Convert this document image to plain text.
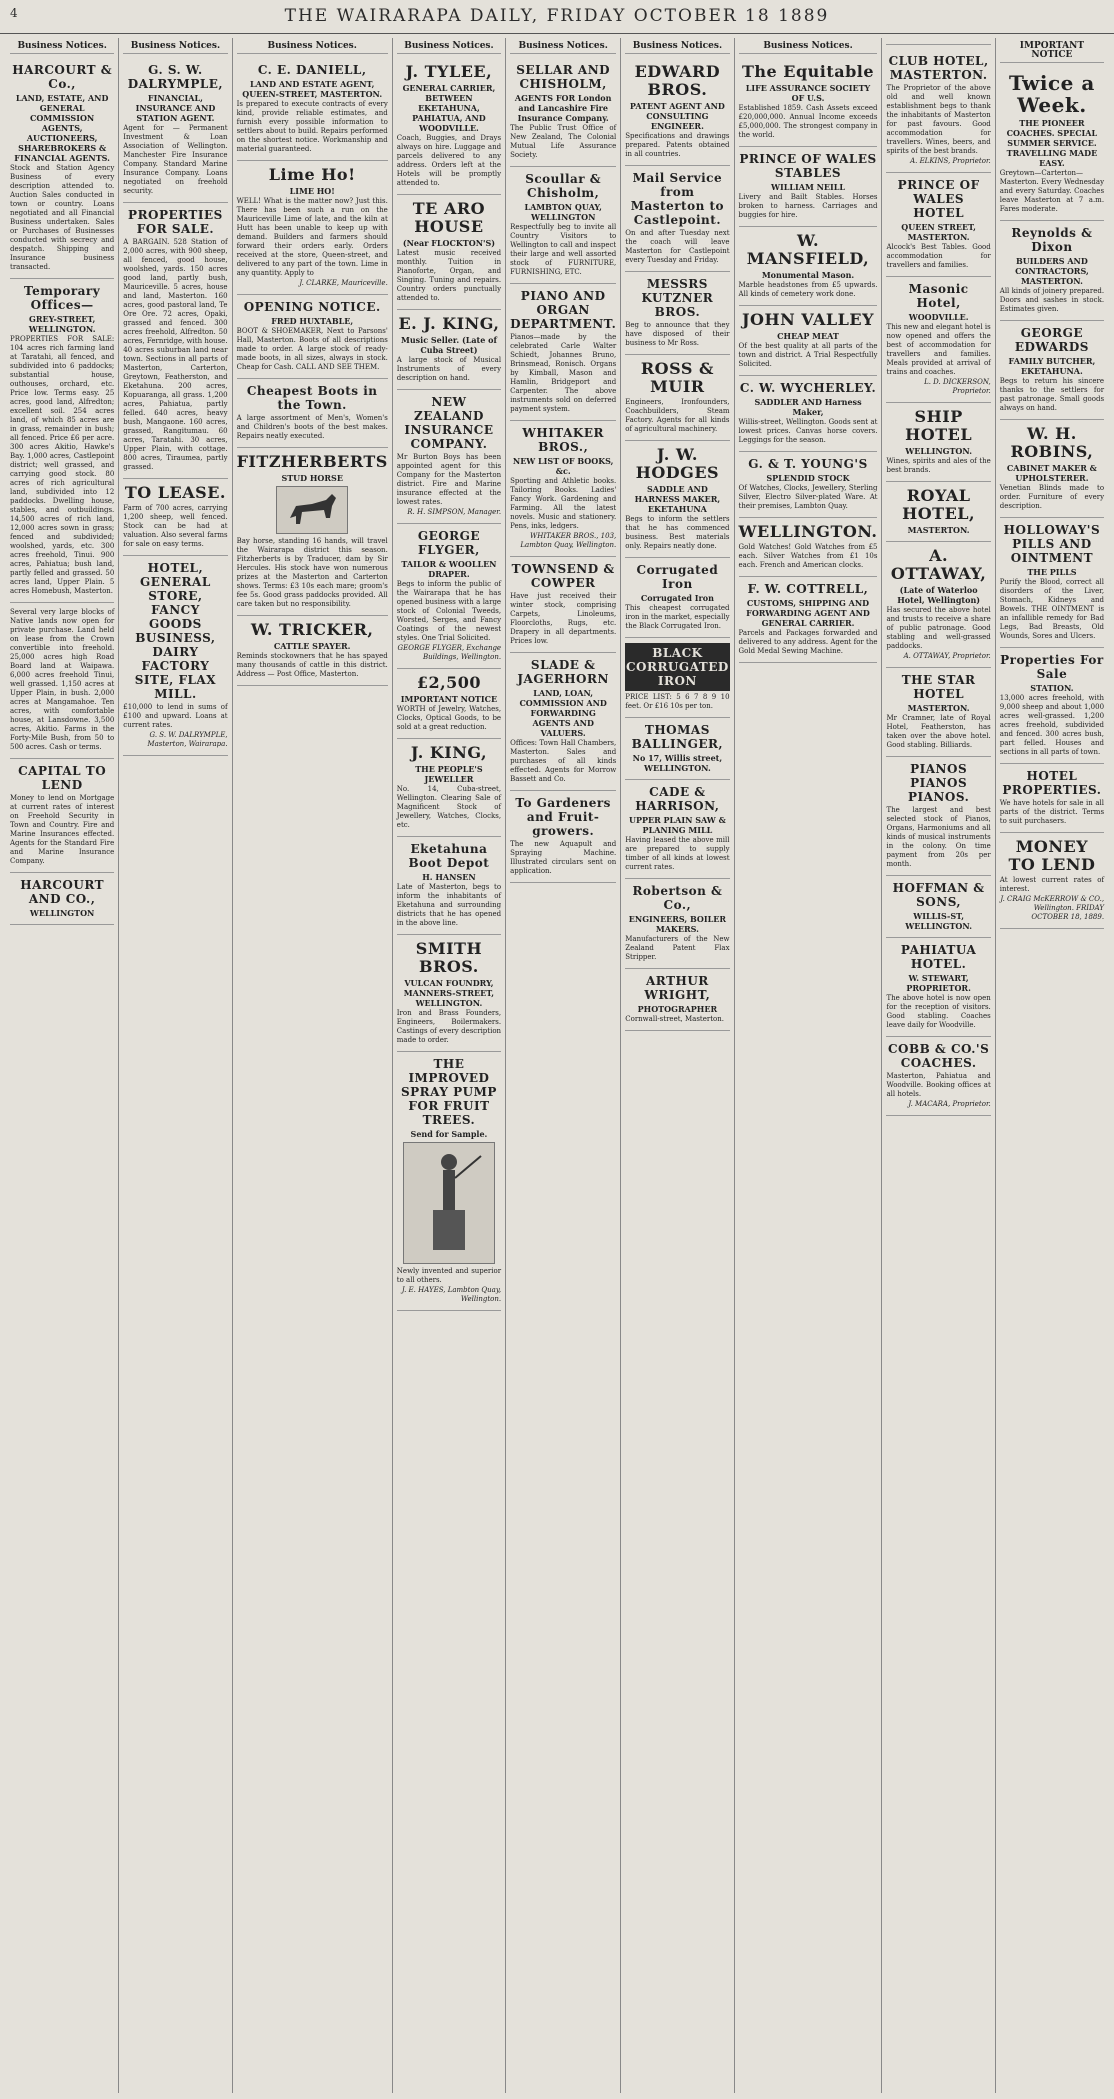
4	THE WAIRARAPA DAILY, FRIDAY OCTOBER 18 1889
Business Notices.
HARCOURT & Co.,
LAND, ESTATE, AND GENERAL COMMISSION AGENTS, AUCTIONEERS, SHAREBROKERS & FINANCIAL AGENTS.

Stock and Station Agency Business of every description attended to. Auction Sales conducted in town or country. Loans negotiated and all Financial Business undertaken. Sales or Purchases of Businesses conducted with secrecy and despatch. Shipping and Insurance business transacted.

Temporary Offices—
GREY-STREET, WELLINGTON.

PROPERTIES FOR SALE: 104 acres rich farming land at Taratahi, all fenced, and subdivided into 6 paddocks; substantial house, outhouses, orchard, etc. Price low. Terms easy. 25 acres, good land, Alfredton; excellent soil. 254 acres land, of which 85 acres are in grass, remainder in bush; all fenced. Price £6 per acre. 300 acres Akitio, Hawke's Bay. 1,000 acres, Castlepoint district; well grassed, and carrying good stock. 80 acres of rich agricultural land, subdivided into 12 paddocks. Dwelling house, stables, and outbuildings. 14,500 acres of rich land, 12,000 acres sown in grass; fenced and subdivided; woolshed, yards, etc. 300 acres freehold, Tinui. 900 acres, Pahiatua; bush land, partly felled and grassed. 50 acres land, Upper Plain. 5 acres Homebush, Masterton.

Several very large blocks of Native lands now open for private purchase. Land held on lease from the Crown convertible into freehold. 25,000 acres high Road Board land at Waipawa. 6,000 acres freehold Tinui, well grassed. 1,150 acres at Upper Plain, in bush. 2,000 acres at Mangamahoe. Ten acres, with comfortable house, at Lansdowne. 3,500 acres, Akitio. Farms in the Forty-Mile Bush, from 50 to 500 acres. Cash or terms.

CAPITAL TO LEND

Money to lend on Mortgage at current rates of interest on Freehold Security in Town and Country. Fire and Marine Insurances effected. Agents for the Standard Fire and Marine Insurance Company.

HARCOURT AND CO.,
WELLINGTON

Business Notices.
G. S. W. DALRYMPLE,
FINANCIAL, INSURANCE AND STATION AGENT.

Agent for — Permanent Investment & Loan Association of Wellington. Manchester Fire Insurance Company. Standard Marine Insurance Company. Loans negotiated on freehold security.

PROPERTIES FOR SALE.

A BARGAIN. 528 Station of 2,000 acres, with 900 sheep, all fenced, good house, woolshed, yards. 150 acres good land, partly bush, Mauriceville. 5 acres, house and land, Masterton. 160 acres, good pastoral land, Te Ore Ore. 72 acres, Opaki, grassed and fenced. 300 acres freehold, Alfredton. 50 acres, Fernridge, with house. 40 acres suburban land near town. Sections in all parts of Masterton, Carterton, Greytown, Featherston, and Eketahuna. 200 acres, Kopuaranga, all grass. 1,200 acres, Pahiatua, partly felled. 640 acres, heavy bush, Mangaone. 160 acres, grassed, Rangitumau. 60 acres, Taratahi. 30 acres, Upper Plain, with cottage. 800 acres, Tiraumea, partly grassed.

TO LEASE.

Farm of 700 acres, carrying 1,200 sheep, well fenced. Stock can be had at valuation. Also several farms for sale on easy terms.

HOTEL, GENERAL STORE, FANCY GOODS BUSINESS, DAIRY FACTORY SITE, FLAX MILL.

£10,000 to lend in sums of £100 and upward. Loans at current rates.

G. S. W. DALRYMPLE, Masterton, Wairarapa.

Business Notices.
C. E. DANIELL,
LAND AND ESTATE AGENT, QUEEN-STREET, MASTERTON.

Is prepared to execute contracts of every kind, provide reliable estimates, and furnish every possible information to settlers about to build. Repairs performed on the shortest notice. Workmanship and material guaranteed.

Lime Ho!
LIME HO!

WELL! What is the matter now? Just this. There has been such a run on the Mauriceville Lime of late, and the kiln at Hutt has been unable to keep up with demand. Builders and farmers should forward their orders early. Orders received at the store, Queen-street, and delivered to any part of the town. Lime in any quantity. Apply to

J. CLARKE, Mauriceville.

OPENING NOTICE.
FRED HUXTABLE,

BOOT & SHOEMAKER, Next to Parsons' Hall, Masterton. Boots of all descriptions made to order. A large stock of ready-made boots, in all sizes, always in stock. Cheap for Cash. CALL AND SEE THEM.

Cheapest Boots in the Town.

A large assortment of Men's, Women's and Children's boots of the best makes. Repairs neatly executed.

FITZHERBERTS
STUD HORSE

Bay horse, standing 16 hands, will travel the Wairarapa district this season. Fitzherberts is by Traducer, dam by Sir Hercules. His stock have won numerous prizes at the Masterton and Carterton shows. Terms: £3 10s each mare; groom's fee 5s. Good grass paddocks provided. All care taken but no responsibility.

W. TRICKER,
CATTLE SPAYER.

Reminds stockowners that he has spayed many thousands of cattle in this district. Address — Post Office, Masterton.

Business Notices.
J. TYLEE,
GENERAL CARRIER, BETWEEN EKETAHUNA, PAHIATUA, AND WOODVILLE.

Coach, Buggies, and Drays always on hire. Luggage and parcels delivered to any address. Orders left at the Hotels will be promptly attended to.

TE ARO HOUSE
(Near FLOCKTON'S)

Latest music received monthly. Tuition in Pianoforte, Organ, and Singing. Tuning and repairs. Country orders punctually attended to.

E. J. KING,
Music Seller. (Late of Cuba Street)

A large stock of Musical Instruments of every description on hand.

NEW ZEALAND INSURANCE COMPANY.

Mr Burton Boys has been appointed agent for this Company for the Masterton district. Fire and Marine insurance effected at the lowest rates.

R. H. SIMPSON, Manager.

GEORGE FLYGER,
TAILOR & WOOLLEN DRAPER.

Begs to inform the public of the Wairarapa that he has opened business with a large stock of Colonial Tweeds, Worsted, Serges, and Fancy Coatings of the newest styles. One Trial Solicited.

GEORGE FLYGER, Exchange Buildings, Wellington.

£2,500
IMPORTANT NOTICE

WORTH of Jewelry, Watches, Clocks, Optical Goods, to be sold at a great reduction.

J. KING,
THE PEOPLE'S JEWELLER

No. 14, Cuba-street, Wellington. Clearing Sale of Magnificent Stock of Jewellery, Watches, Clocks, etc.

Eketahuna Boot Depot
H. HANSEN

Late of Masterton, begs to inform the inhabitants of Eketahuna and surrounding districts that he has opened in the above line.

SMITH BROS.
VULCAN FOUNDRY, MANNERS-STREET, WELLINGTON.

Iron and Brass Founders, Engineers, Boilermakers. Castings of every description made to order.

THE IMPROVED SPRAY PUMP FOR FRUIT TREES.
Send for Sample.

Newly invented and superior to all others.

J. E. HAYES, Lambton Quay, Wellington.

Business Notices.
SELLAR AND CHISHOLM,
AGENTS FOR London and Lancashire Fire Insurance Company.

The Public Trust Office of New Zealand, The Colonial Mutual Life Assurance Society.

Scoullar & Chisholm,
LAMBTON QUAY, WELLINGTON

Respectfully beg to invite all Country Visitors to Wellington to call and inspect their large and well assorted stock of FURNITURE, FURNISHING, ETC.

PIANO AND ORGAN DEPARTMENT.

Pianos—made by the celebrated Carle Walter Schiedt, Johannes Bruno, Brinsmead, Ronisch. Organs by Kimball, Mason and Hamlin, Bridgeport and Carpenter. The above instruments sold on deferred payment system.

WHITAKER BROS.,
NEW LIST OF BOOKS, &c.

Sporting and Athletic books. Tailoring Books. Ladies' Fancy Work. Gardening and Farming. All the latest novels. Music and stationery. Pens, inks, ledgers.

WHITAKER BROS., 103, Lambton Quay, Wellington.

TOWNSEND & COWPER

Have just received their winter stock, comprising Carpets, Linoleums, Floorcloths, Rugs, etc. Drapery in all departments. Prices low.

SLADE & JAGERHORN
LAND, LOAN, COMMISSION AND FORWARDING AGENTS AND VALUERS.

Offices: Town Hall Chambers, Masterton. Sales and purchases of all kinds effected. Agents for Morrow Bassett and Co.

To Gardeners and Fruit-growers.

The new Aquapult and Spraying Machine. Illustrated circulars sent on application.

Business Notices.
EDWARD BROS.
PATENT AGENT AND CONSULTING ENGINEER.

Specifications and drawings prepared. Patents obtained in all countries.

Mail Service from Masterton to Castlepoint.

On and after Tuesday next the coach will leave Masterton for Castlepoint every Tuesday and Friday.

MESSRS KUTZNER BROS.

Beg to announce that they have disposed of their business to Mr Ross.

ROSS & MUIR

Engineers, Ironfounders, Coachbuilders, Steam Factory. Agents for all kinds of agricultural machinery.

J. W. HODGES
SADDLE AND HARNESS MAKER, EKETAHUNA

Begs to inform the settlers that he has commenced business. Best materials only. Repairs neatly done.

Corrugated Iron
Corrugated Iron

This cheapest corrugated iron in the market, especially the Black Corrugated Iron.

BLACK CORRUGATED IRON

PRICE LIST: 5 6 7 8 9 10 feet. Or £16 10s per ton.

THOMAS BALLINGER,
No 17, Willis street, WELLINGTON.

CADE & HARRISON,
UPPER PLAIN SAW & PLANING MILL

Having leased the above mill are prepared to supply timber of all kinds at lowest current rates.

Robertson & Co.,
ENGINEERS, BOILER MAKERS.

Manufacturers of the New Zealand Patent Flax Stripper.

ARTHUR WRIGHT,
PHOTOGRAPHER

Cornwall-street, Masterton.

Business Notices.
The Equitable
LIFE ASSURANCE SOCIETY OF U.S.

Established 1859. Cash Assets exceed £20,000,000. Annual Income exceeds £5,000,000. The strongest company in the world.

PRINCE OF WALES STABLES
WILLIAM NEILL

Livery and Bailt Stables. Horses broken to harness. Carriages and buggies for hire.

W. MANSFIELD,
Monumental Mason.

Marble headstones from £5 upwards. All kinds of cemetery work done.

JOHN VALLEY
CHEAP MEAT

Of the best quality at all parts of the town and district. A Trial Respectfully Solicited.

C. W. WYCHERLEY.
SADDLER AND Harness Maker,

Willis-street, Wellington. Goods sent at lowest prices. Canvas horse covers. Leggings for the season.

G. & T. YOUNG'S
SPLENDID STOCK

Of Watches, Clocks, Jewellery, Sterling Silver, Electro Silver-plated Ware. At their premises, Lambton Quay.

WELLINGTON.

Gold Watches! Gold Watches from £5 each. Silver Watches from £1 10s each. French and American clocks.

F. W. COTTRELL,
CUSTOMS, SHIPPING AND FORWARDING AGENT AND GENERAL CARRIER.

Parcels and Packages forwarded and delivered to any address. Agent for the Gold Medal Sewing Machine.

CLUB HOTEL, MASTERTON.

The Proprietor of the above old and well known establishment begs to thank the inhabitants of Masterton for past favours. Good accommodation for travellers. Wines, beers, and spirits of the best brands.

A. ELKINS, Proprietor.

PRINCE OF WALES HOTEL
QUEEN STREET, MASTERTON.

Alcock's Best Tables. Good accommodation for travellers and families.

Masonic Hotel,
WOODVILLE.

This new and elegant hotel is now opened and offers the best of accommodation for travellers and families. Meals provided at arrival of trains and coaches.

L. D. DICKERSON, Proprietor.

SHIP HOTEL
WELLINGTON.

Wines, spirits and ales of the best brands.

ROYAL HOTEL,
MASTERTON.

A. OTTAWAY,
(Late of Waterloo Hotel, Wellington)

Has secured the above hotel and trusts to receive a share of public patronage. Good stabling and well-grassed paddocks.

A. OTTAWAY, Proprietor.

THE STAR HOTEL
MASTERTON.

Mr Cramner, late of Royal Hotel, Featherston, has taken over the above hotel. Good stabling. Billiards.

PIANOS PIANOS PIANOS.

The largest and best selected stock of Pianos, Organs, Harmoniums and all kinds of musical instruments in the colony. On time payment from 20s per month.

HOFFMAN & SONS,
WILLIS-ST, WELLINGTON.

PAHIATUA HOTEL.
W. STEWART, PROPRIETOR.

The above hotel is now open for the reception of visitors. Good stabling. Coaches leave daily for Woodville.

COBB & CO.'S COACHES.

Masterton, Pahiatua and Woodville. Booking offices at all hotels.

J. MACARA, Proprietor.

IMPORTANT NOTICE
Twice a Week.
THE PIONEER COACHES. SPECIAL SUMMER SERVICE. TRAVELLING MADE EASY.

Greytown—Carterton—Masterton. Every Wednesday and every Saturday. Coaches leave Masterton at 7 a.m. Fares moderate.

Reynolds & Dixon
BUILDERS AND CONTRACTORS, MASTERTON.

All kinds of joinery prepared. Doors and sashes in stock. Estimates given.

GEORGE EDWARDS
FAMILY BUTCHER, EKETAHUNA.

Begs to return his sincere thanks to the settlers for past patronage. Small goods always on hand.

W. H. ROBINS,
CABINET MAKER & UPHOLSTERER.

Venetian Blinds made to order. Furniture of every description.

HOLLOWAY'S PILLS AND OINTMENT
THE PILLS

Purify the Blood, correct all disorders of the Liver, Stomach, Kidneys and Bowels. THE OINTMENT is an infallible remedy for Bad Legs, Bad Breasts, Old Wounds, Sores and Ulcers.

Properties For Sale
STATION.

13,000 acres freehold, with 9,000 sheep and about 1,000 acres well-grassed. 1,200 acres freehold, subdivided and fenced. 300 acres bush, part felled. Houses and sections in all parts of town.

HOTEL PROPERTIES.

We have hotels for sale in all parts of the district. Terms to suit purchasers.

MONEY TO LEND

At lowest current rates of interest.

J. CRAIG McKERROW & CO., Wellington. FRIDAY OCTOBER 18, 1889.
